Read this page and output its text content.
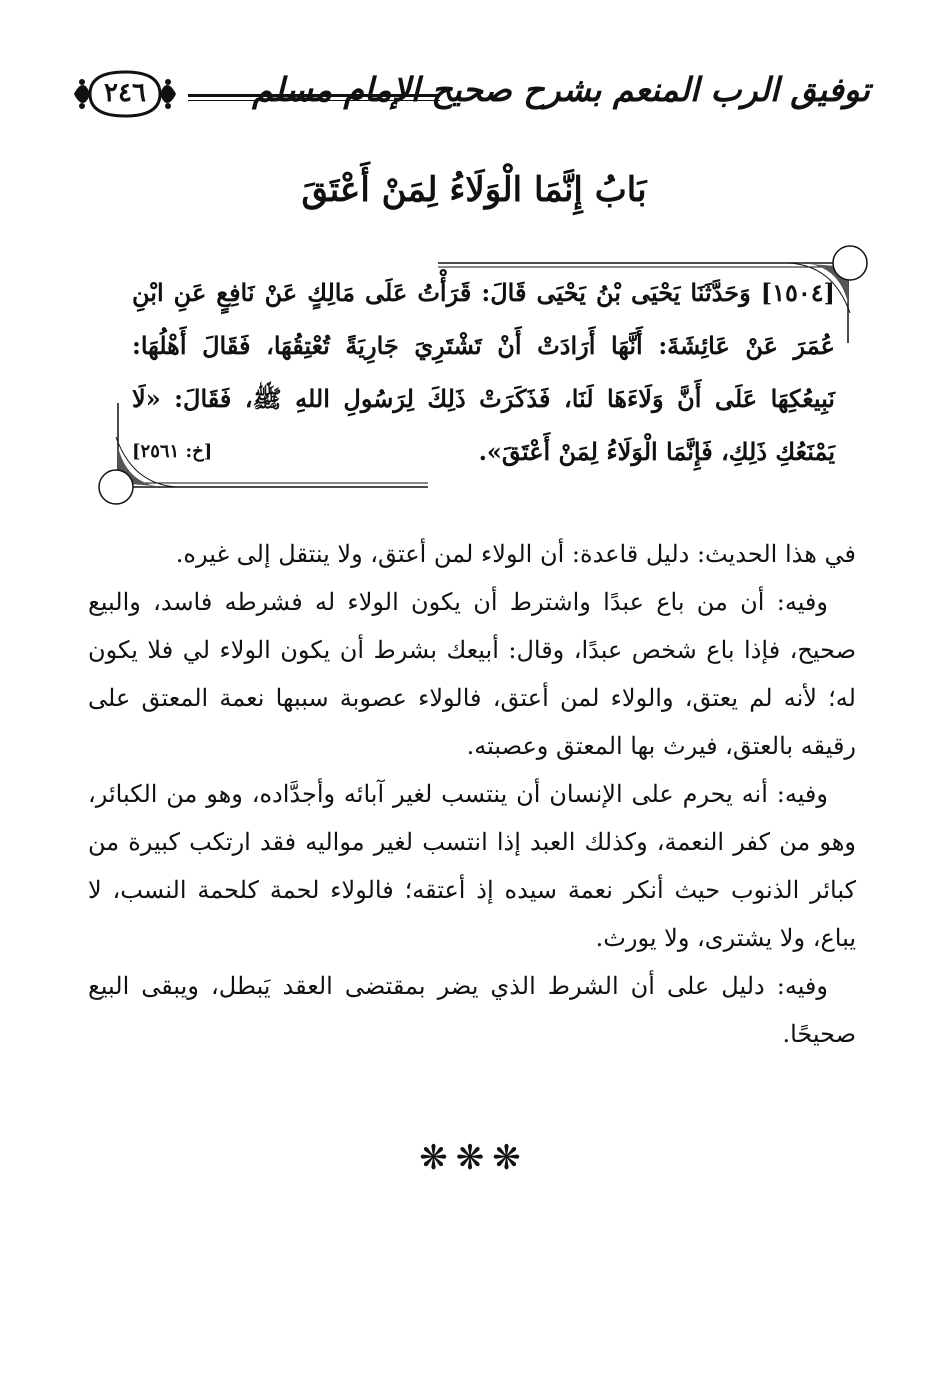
٢٤٦	توفيق الرب المنعم بشرح صحيح الإمام مسلم
بَابُ إِنَّمَا الْوَلَاءُ لِمَنْ أَعْتَقَ
[١٥٠٤] وَحَدَّثَنَا يَحْيَى بْنُ يَحْيَى قَالَ: قَرَأْتُ عَلَى مَالِكٍ عَنْ نَافِعٍ عَنِ ابْنِ عُمَرَ عَنْ عَائِشَةَ: أَنَّهَا أَرَادَتْ أَنْ تَشْتَرِيَ جَارِيَةً تُعْتِقُهَا، فَقَالَ أَهْلُهَا: نَبِيعُكِهَا عَلَى أَنَّ وَلَاءَهَا لَنَا، فَذَكَرَتْ ذَلِكَ لِرَسُولِ اللهِ ﷺ، فَقَالَ: «لَا يَمْنَعُكِ ذَلِكِ، فَإِنَّمَا الْوَلَاءُ لِمَنْ أَعْتَقَ».
[خ: ٢٥٦١]

في هذا الحديث: دليل قاعدة: أن الولاء لمن أعتق، ولا ينتقل إلى غيره.

وفيه: أن من باع عبدًا واشترط أن يكون الولاء له فشرطه فاسد، والبيع صحيح، فإذا باع شخص عبدًا، وقال: أبيعك بشرط أن يكون الولاء لي فلا يكون له؛ لأنه لم يعتق، والولاء لمن أعتق، فالولاء عصوبة سببها نعمة المعتق على رقيقه بالعتق، فيرث بها المعتق وعصبته.

وفيه: أنه يحرم على الإنسان أن ينتسب لغير آبائه وأجدَّاده، وهو من الكبائر، وهو من كفر النعمة، وكذلك العبد إذا انتسب لغير مواليه فقد ارتكب كبيرة من كبائر الذنوب حيث أنكر نعمة سيده إذ أعتقه؛ فالولاء لحمة كلحمة النسب، لا يباع، ولا يشترى، ولا يورث.

وفيه: دليل على أن الشرط الذي يضر بمقتضى العقد يَبطل، ويبقى البيع صحيحًا.

❋❋❋
